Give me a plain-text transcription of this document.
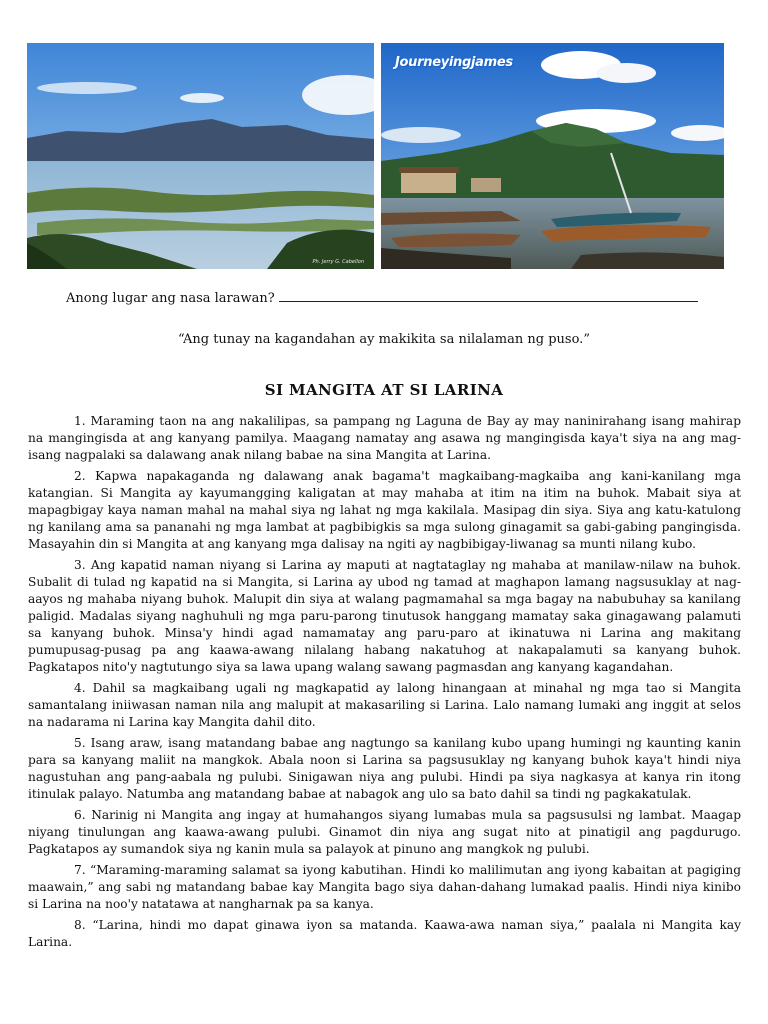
Ph. Jerry G. Cabellon
Journeyingjames
Anong lugar ang nasa larawan?
“Ang tunay na kagandahan ay makikita sa nilalaman ng puso.”
SI MANGITA AT SI LARINA

1. Maraming taon na ang nakalilipas, sa pampang ng Laguna de Bay ay may naninirahang isang mahirap na mangingisda at ang kanyang pamilya. Maagang namatay ang asawa ng mangingisda kaya't siya na ang mag-isang nagpalaki sa dalawang anak nilang babae na sina Mangita at Larina.

2. Kapwa napakaganda ng dalawang anak bagama't magkaibang-magkaiba ang kani-kanilang mga katangian. Si Mangita ay kayumangging kaligatan at may mahaba at itim na itim na buhok. Mabait siya at mapagbigay kaya naman mahal na mahal siya ng lahat ng mga kakilala. Masipag din siya. Siya ang katu-katulong ng kanilang ama sa pananahi ng mga lambat at pagbibigkis sa mga sulong ginagamit sa gabi-gabing pangingisda. Masayahin din si Mangita at ang kanyang mga dalisay na ngiti ay nagbibigay-liwanag sa munti nilang kubo.

3. Ang kapatid naman niyang si Larina ay maputi at nagtataglay ng mahaba at manilaw-nilaw na buhok. Subalit di tulad ng kapatid na si Mangita, si Larina ay ubod ng tamad at maghapon lamang nagsusuklay at nag-aayos ng mahaba niyang buhok. Malupit din siya at walang pagmamahal sa mga bagay na nabubuhay sa kanilang paligid. Madalas siyang naghuhuli ng mga paru-parong tinutusok hanggang mamatay saka ginagawang palamuti sa kanyang buhok. Minsa'y hindi agad namamatay ang paru-paro at ikinatuwa ni Larina ang makitang pumupusag-pusag pa ang kaawa-awang nilalang habang nakatuhog at nakapalamuti sa kanyang buhok. Pagkatapos nito'y nagtutungo siya sa lawa upang walang sawang pagmasdan ang kanyang kagandahan.

4. Dahil sa magkaibang ugali ng magkapatid ay lalong hinangaan at minahal ng mga tao si Mangita samantalang iniiwasan naman nila ang malupit at makasariling si Larina. Lalo namang lumaki ang inggit at selos na nadarama ni Larina kay Mangita dahil dito.

5. Isang araw, isang matandang babae ang nagtungo sa kanilang kubo upang humingi ng kaunting kanin para sa kanyang maliit na mangkok. Abala noon si Larina sa pagsusuklay ng kanyang buhok kaya't hindi niya nagustuhan ang pang-aabala ng pulubi. Sinigawan niya ang pulubi. Hindi pa siya nagkasya at kanya rin itong itinulak palayo. Natumba ang matandang babae at nabagok ang ulo sa bato dahil sa tindi ng pagkakatulak.

6. Narinig ni Mangita ang ingay at humahangos siyang lumabas mula sa pagsusulsi ng lambat. Maagap niyang tinulungan ang kaawa-awang pulubi. Ginamot din niya ang sugat nito at pinatigil ang pagdurugo. Pagkatapos ay sumandok siya ng kanin mula sa palayok at pinuno ang mangkok ng pulubi.

7. “Maraming-maraming salamat sa iyong kabutihan. Hindi ko malilimutan ang iyong kabaitan at pagiging maawain,” ang sabi ng matandang babae kay Mangita bago siya dahan-dahang lumakad paalis. Hindi niya kinibo si Larina na noo'y natatawa at nangharnak pa sa kanya.

8. “Larina, hindi mo dapat ginawa iyon sa matanda. Kaawa-awa naman siya,” paalala ni Mangita kay Larina.
